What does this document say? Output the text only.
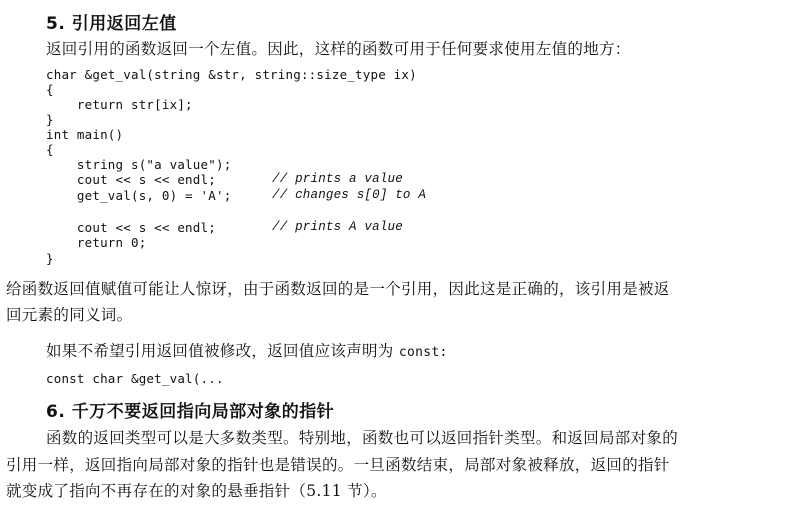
5. 引用返回左值
返回引用的函数返回一个左值。因此，这样的函数可用于任何要求使用左值的地方：
char &get_val(string &str, string::size_type ix)
{
return str[ix];
}
int main()
{
string s("a value");
cout << s << endl;	// prints a value
get_val(s, 0) = 'A';	// changes s[0] to A
cout << s << endl;	// prints A value
return 0;
}
给函数返回值赋值可能让人惊讶，由于函数返回的是一个引用，因此这是正确的，该引用是被返
回元素的同义词。
如果不希望引用返回值被修改，返回值应该声明为 const:
const char &get_val(...
6. 千万不要返回指向局部对象的指针
函数的返回类型可以是大多数类型。特别地，函数也可以返回指针类型。和返回局部对象的
引用一样，返回指向局部对象的指针也是错误的。一旦函数结束，局部对象被释放，返回的指针
就变成了指向不再存在的对象的悬垂指针（5.11 节）。
